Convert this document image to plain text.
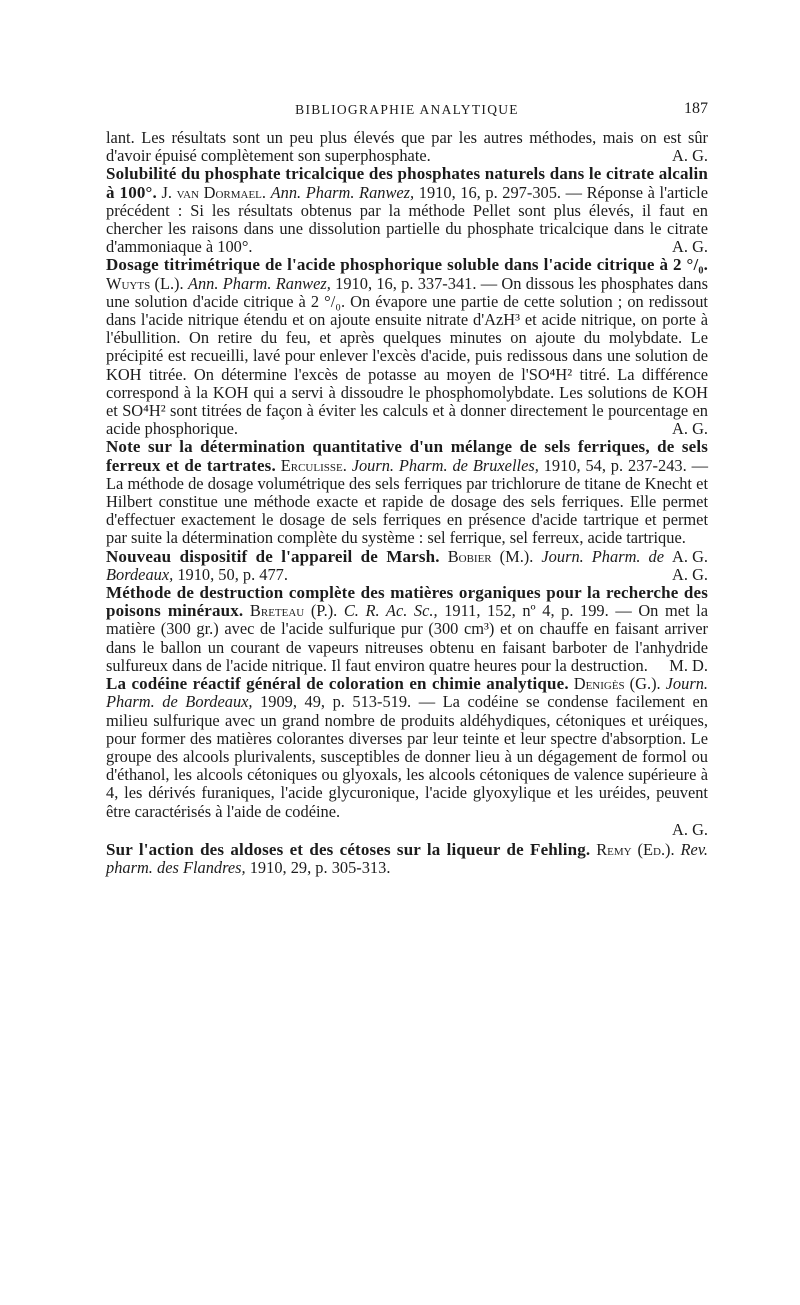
BIBLIOGRAPHIE ANALYTIQUE	187

lant. Les résultats sont un peu plus élevés que par les autres méthodes, mais on est sûr d'avoir épuisé complètement son superphosphate.	A. G.

Solubilité du phosphate tricalcique des phosphates naturels dans le citrate alcalin à 100°. J. van Dormael. Ann. Pharm. Ranwez, 1910, 16, p. 297-305. — Réponse à l'article précédent : Si les résultats obtenus par la méthode Pellet sont plus élevés, il faut en chercher les raisons dans une dissolution partielle du phosphate tricalcique dans le citrate d'ammoniaque à 100°.	A. G.

Dosage titrimétrique de l'acide phosphorique soluble dans l'acide citrique à 2 °/₀. Wuyts (L.). Ann. Pharm. Ranwez, 1910, 16, p. 337-341. — On dissous les phosphates dans une solution d'acide citrique à 2 °/₀. On évapore une partie de cette solution ; on redissout dans l'acide nitrique étendu et on ajoute ensuite nitrate d'AzH³ et acide nitrique, on porte à l'ébullition. On retire du feu, et après quelques minutes on ajoute du molybdate. Le précipité est recueilli, lavé pour enlever l'excès d'acide, puis redissous dans une solution de KOH titrée. On détermine l'excès de potasse au moyen de l'SO⁴H² titré. La différence correspond à la KOH qui a servi à dissoudre le phosphomolybdate. Les solutions de KOH et SO⁴H² sont titrées de façon à éviter les calculs et à donner directement le pourcentage en acide phosphorique.	A. G.

Note sur la détermination quantitative d'un mélange de sels ferriques, de sels ferreux et de tartrates. Erculisse. Journ. Pharm. de Bruxelles, 1910, 54, p. 237-243. — La méthode de dosage volumétrique des sels ferriques par trichlorure de titane de Knecht et Hilbert constitue une méthode exacte et rapide de dosage des sels ferriques. Elle permet d'effectuer exactement le dosage de sels ferriques en présence d'acide tartrique et permet par suite la détermination complète du système : sel ferrique, sel ferreux, acide tartrique.
A. G.

Nouveau dispositif de l'appareil de Marsh. Bobier (M.). Journ. Pharm. de Bordeaux, 1910, 50, p. 477.	A. G.

Méthode de destruction complète des matières organiques pour la recherche des poisons minéraux. Breteau (P.). C. R. Ac. Sc., 1911, 152, nº 4, p. 199. — On met la matière (300 gr.) avec de l'acide sulfurique pur (300 cm³) et on chauffe en faisant arriver dans le ballon un courant de vapeurs nitreuses obtenu en faisant barboter de l'anhydride sulfureux dans de l'acide nitrique. Il faut environ quatre heures pour la destruction.	M. D.

La codéine réactif général de coloration en chimie analytique. Denigès (G.). Journ. Pharm. de Bordeaux, 1909, 49, p. 513-519. — La codéine se condense facilement en milieu sulfurique avec un grand nombre de produits aldéhydiques, cétoniques et uréiques, pour former des matières colorantes diverses par leur teinte et leur spectre d'absorption. Le groupe des alcools plurivalents, susceptibles de donner lieu à un dégagement de formol ou d'éthanol, les alcools cétoniques ou glyoxals, les alcools cétoniques de valence supérieure à 4, les dérivés furaniques, l'acide glycuronique, l'acide glyoxylique et les uréides, peuvent être caractérisés à l'aide de codéine.

A. G.

Sur l'action des aldoses et des cétoses sur la liqueur de Fehling. Remy (Ed.). Rev. pharm. des Flandres, 1910, 29, p. 305-313.
